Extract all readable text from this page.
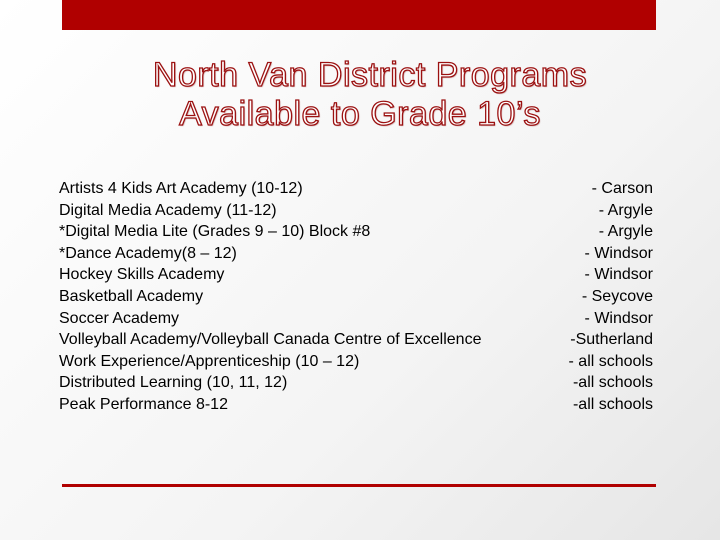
North Van District Programs
Available to Grade 10’s
Artists 4 Kids Art Academy (10-12)	- Carson
Digital Media Academy (11-12)	- Argyle
*Digital Media Lite (Grades 9 – 10) Block #8	- Argyle
*Dance Academy(8 – 12)	- Windsor
Hockey Skills Academy	- Windsor
Basketball Academy	- Seycove
Soccer Academy	- Windsor
Volleyball Academy/Volleyball Canada Centre of Excellence	-Sutherland
Work Experience/Apprenticeship (10 – 12)	- all schools
Distributed Learning (10, 11, 12)	-all schools
Peak Performance 8-12	-all schools
